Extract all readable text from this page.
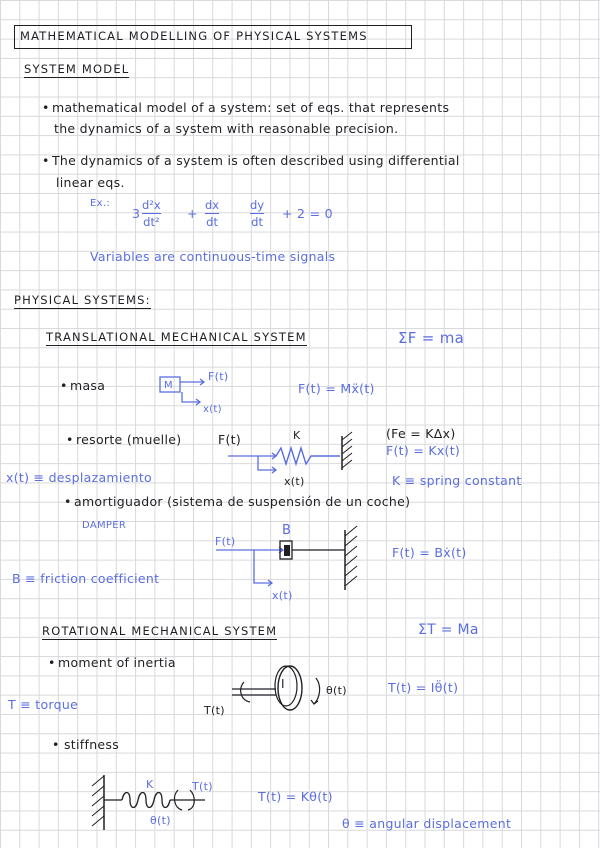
MATHEMATICAL MODELLING OF PHYSICAL SYSTEMS
SYSTEM MODEL
• mathematical model of a system: set of eqs. that represents
the dynamics of a system with reasonable precision.
• The dynamics of a system is often described using differential
linear eqs.
Ex.:
3
d²x
dt²
+
dx
dt
dy
dt
+ 2 = 0
Variables are continuous-time signals
PHYSICAL SYSTEMS:
TRANSLATIONAL MECHANICAL SYSTEM	ΣF = ma
• masa	M
F(t)
x(t)
F(t) = Mẍ(t)
• resorte (muelle)	F(t)	K
x(t)
(Fe = KΔx)
F(t) = Kx(t)
x(t) ≡ desplazamiento	K ≡ spring constant
• amortiguador (sistema de suspensión de un coche)
DAMPER	B
F(t)
x(t)
F(t) = Bẋ(t)
B ≡ friction coefficient
ROTATIONAL MECHANICAL SYSTEM	ΣT = Ma
• moment of inertia
I	θ(t)
T(t)
T(t) = Iθ̈(t)
T ≡ torque
• stiffness
K	T(t)
θ(t)
T(t) = Kθ(t)
θ ≡ angular displacement
